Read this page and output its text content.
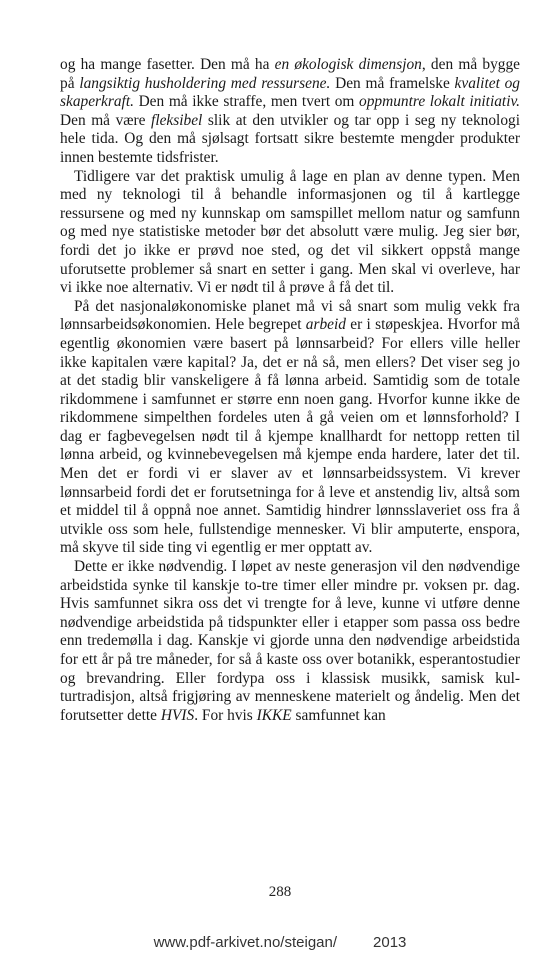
og ha mange fasetter. Den må ha en økologisk dimensjon, den må bygge på langsiktig husholdering med ressursene. Den må framelske kvalitet og skaperkraft. Den må ikke straffe, men tvert om oppmuntre lokalt initiativ. Den må være fleksibel slik at den utvikler og tar opp i seg ny teknologi hele tida. Og den må sjølsagt fortsatt sikre bestemte mengder produkter innen bestemte tidsfrister.

Tidligere var det praktisk umulig å lage en plan av denne typen. Men med ny teknologi til å behandle informasjonen og til å kartlegge ressursene og med ny kunnskap om samspillet mellom natur og samfunn og med nye statistiske metoder bør det absolutt være mulig. Jeg sier bør, fordi det jo ikke er prøvd noe sted, og det vil sikkert oppstå mange uforutsette problemer så snart en setter i gang. Men skal vi overleve, har vi ikke noe alternativ. Vi er nødt til å prøve å få det til.

På det nasjonaløkonomiske planet må vi så snart som mulig vekk fra lønnsarbeidsøkonomien. Hele begrepet arbeid er i støpeskjea. Hvorfor må egentlig økonomien være basert på lønnsarbeid? For ellers ville heller ikke kapitalen være kapital? Ja, det er nå så, men ellers? Det viser seg jo at det stadig blir vanskeligere å få lønna arbeid. Samtidig som de totale rikdommene i samfunnet er større enn noen gang. Hvorfor kunne ikke de rikdommene simpelthen fordeles uten å gå veien om et lønnsforhold? I dag er fagbevegelsen nødt til å kjempe knallhardt for nettopp retten til lønna arbeid, og kvinnebevegelsen må kjempe enda hardere, later det til. Men det er fordi vi er slaver av et lønnsarbeidssystem. Vi krever lønnsarbeid fordi det er forutsetninga for å leve et anstendig liv, altså som et middel til å oppnå noe annet. Samtidig hindrer lønnsslaveriet oss fra å utvikle oss som hele, fullstendige mennesker. Vi blir amputerte, enspora, må skyve til side ting vi egentlig er mer opptatt av.

Dette er ikke nødvendig. I løpet av neste generasjon vil den nødvendige arbeidstida synke til kanskje to-tre timer eller mindre pr. voksen pr. dag. Hvis samfunnet sikra oss det vi trengte for å leve, kunne vi utføre denne nødvendige arbeidstida på tidspunkter eller i etapper som passa oss bedre enn tredemølla i dag. Kanskje vi gjorde unna den nødvendige arbeidstida for ett år på tre måneder, for så å kaste oss over botanikk, esperantostudier og brevandring. Eller fordypa oss i klassisk musikk, samisk kulturtradisjon, altså frigjøring av menneskene materielt og åndelig. Men det forutsetter dette HVIS. For hvis IKKE samfunnet kan

288
www.pdf-arkivet.no/steigan/ 2013
